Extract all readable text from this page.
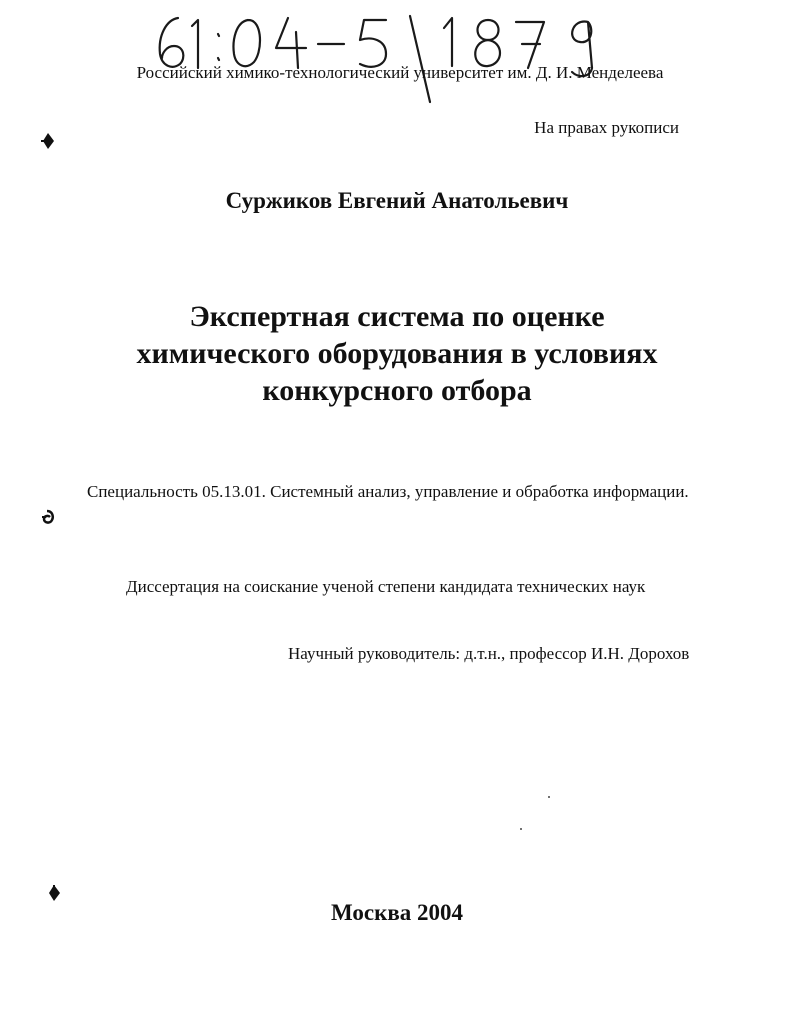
Российский химико-технологический университет им. Д. И. Менделеева
На правах рукописи
Суржиков Евгений Анатольевич
Экспертная система по оценке
химического оборудования в условиях
конкурсного отбора
Специальность 05.13.01. Системный анализ, управление и обработка информации.
Диссертация на соискание ученой степени кандидата технических наук
Научный руководитель: д.т.н., профессор И.Н. Дорохов
Москва 2004
